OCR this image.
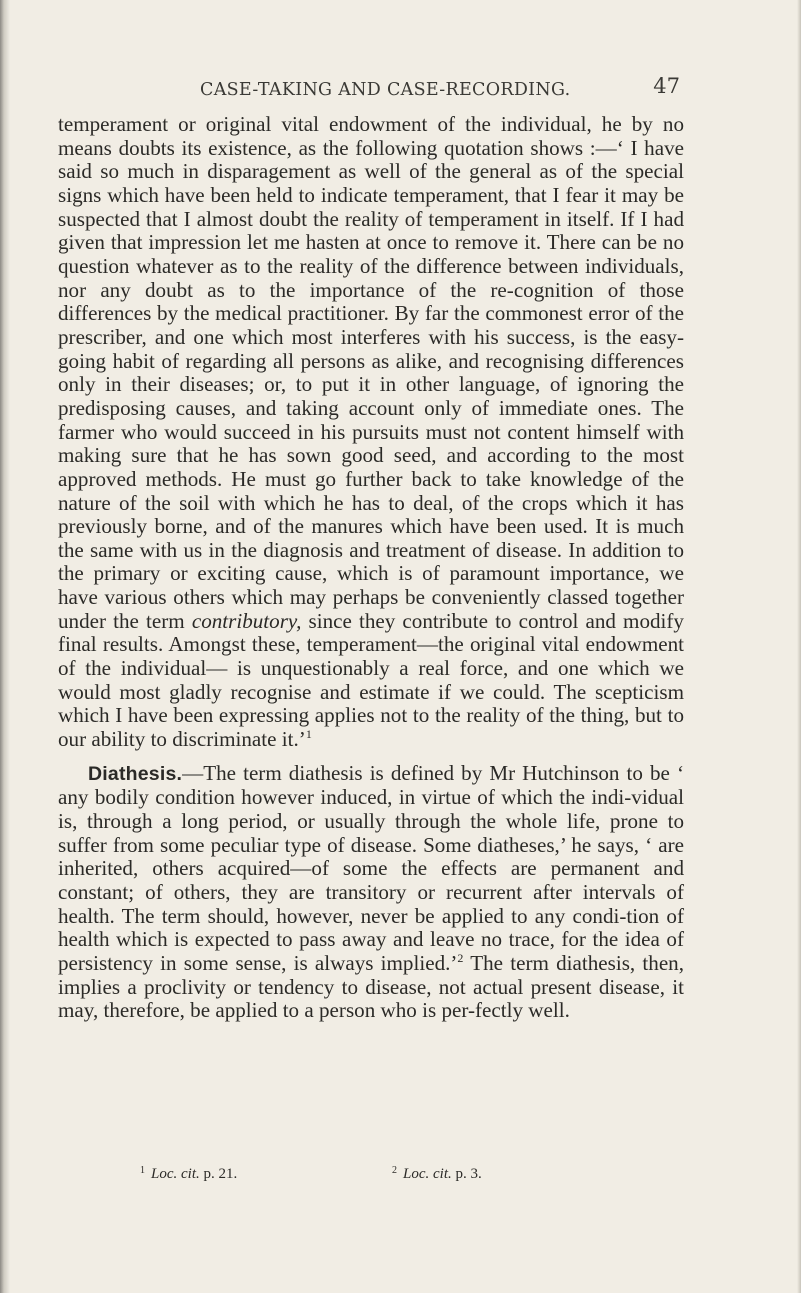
CASE-TAKING AND CASE-RECORDING.	47

temperament or original vital endowment of the individual, he by no means doubts its existence, as the following quotation shows :—‘ I have said so much in disparagement as well of the general as of the special signs which have been held to indicate temperament, that I fear it may be suspected that I almost doubt the reality of temperament in itself. If I had given that impression let me hasten at once to remove it. There can be no question whatever as to the reality of the difference between individuals, nor any doubt as to the importance of the re-cognition of those differences by the medical practitioner. By far the commonest error of the prescriber, and one which most interferes with his success, is the easy-going habit of regarding all persons as alike, and recognising differences only in their diseases; or, to put it in other language, of ignoring the predisposing causes, and taking account only of immediate ones. The farmer who would succeed in his pursuits must not content himself with making sure that he has sown good seed, and according to the most approved methods. He must go further back to take knowledge of the nature of the soil with which he has to deal, of the crops which it has previously borne, and of the manures which have been used. It is much the same with us in the diagnosis and treatment of disease. In addition to the primary or exciting cause, which is of paramount importance, we have various others which may perhaps be conveniently classed together under the term contributory, since they contribute to control and modify final results. Amongst these, temperament—the original vital endowment of the individual— is unquestionably a real force, and one which we would most gladly recognise and estimate if we could. The scepticism which I have been expressing applies not to the reality of the thing, but to our ability to discriminate it.’$^1$

Diathesis.—The term diathesis is defined by Mr Hutchinson to be ‘ any bodily condition however induced, in virtue of which the indi-vidual is, through a long period, or usually through the whole life, prone to suffer from some peculiar type of disease. Some diatheses,’ he says, ‘ are inherited, others acquired—of some the effects are permanent and constant; of others, they are transitory or recurrent after intervals of health. The term should, however, never be applied to any condi-tion of health which is expected to pass away and leave no trace, for the idea of persistency in some sense, is always implied.’$^2$ The term diathesis, then, implies a proclivity or tendency to disease, not actual present disease, it may, therefore, be applied to a person who is per-fectly well.

$^1$ Loc. cit. p. 21.	$^2$ Loc. cit. p. 3.
